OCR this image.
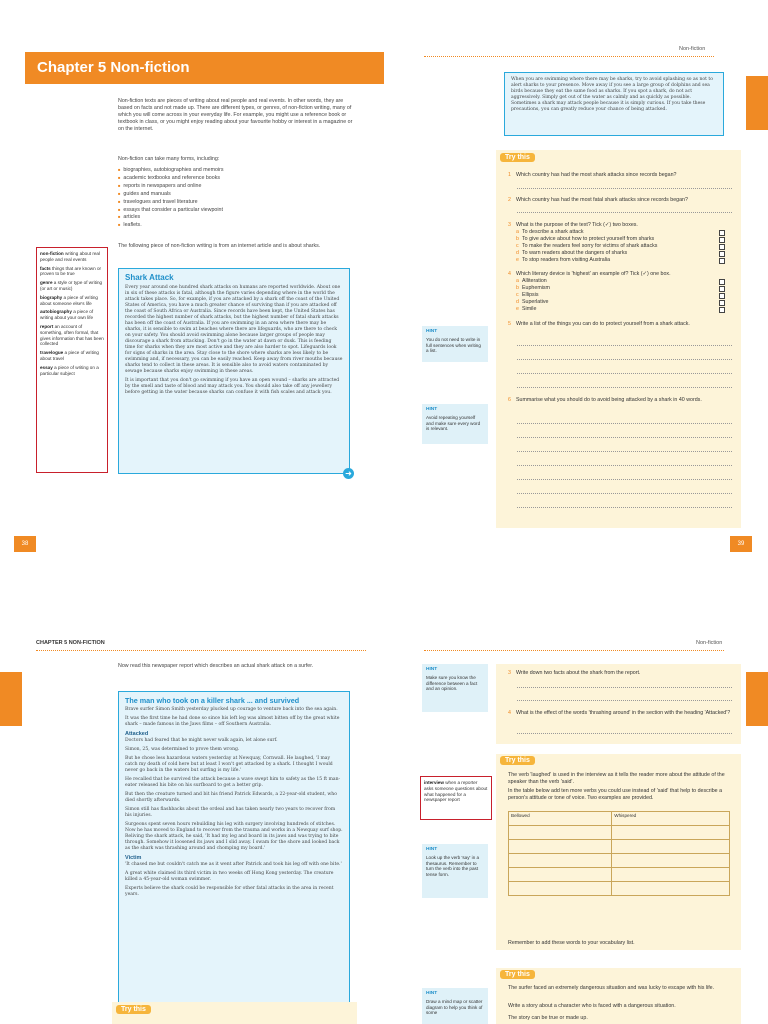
Chapter 5 Non-fiction
Non-fiction texts are pieces of writing about real people and real events. In other words, they are based on facts and not made up. There are different types, or genres, of non-fiction writing, many of which you will come across in your everyday life. For example, you might use a reference book or textbook in class, or you might enjoy reading about your favourite hobby or interest in a magazine or on the internet.
Non-fiction can take many forms, including:
■ biographies, autobiographies and memoirs
■ academic textbooks and reference books
■ reports in newspapers and online
■ guides and manuals
■ travelogues and travel literature
■ essays that consider a particular viewpoint
■ articles
■ leaflets.
The following piece of non-fiction writing is from an internet article and is about sharks.
non-fiction writing about real people and real events
facts things that are known or proven to be true
genre a style or type of writing (or art or music)
biography a piece of writing about someone else's life
autobiography a piece of writing about your own life
report an account of something, often formal, that gives information that has been collected
travelogue a piece of writing about travel
essay a piece of writing on a particular subject
Shark Attack
Every year around one hundred shark attacks on humans are reported worldwide. About one in six of these attacks is fatal, although the figure varies depending where in the world the attack takes place. So, for example, if you are attacked by a shark off the coast of the United States of America, you have a much greater chance of surviving than if you are attacked off the coast of South Africa or Australia. Since records have been kept, the United States has recorded the highest number of shark attacks, but the highest number of fatal shark attacks has been off the coast of Australia. If you are swimming in an area where there may be sharks, it is sensible to swim at beaches where there are lifeguards, who are there to check on your safety. You should avoid swimming alone because larger groups of people may discourage a shark from attacking. Don't go in the water at dawn or dusk. This is feeding time for sharks when they are most active and they are also harder to spot. Lifeguards look for signs of sharks in the area. Stay close to the shore where sharks are less likely to be swimming and, if necessary, you can be easily reached. Keep away from river mouths because sharks tend to collect in these areas. It is sensible also to avoid waters contaminated by sewage because sharks enjoy swimming in these areas.
It is important that you don't go swimming if you have an open wound – sharks are attracted by the smell and taste of blood and may attack you. You should also take off any jewellery before getting in the water because sharks can confuse it with fish scales and attack you.
➜
38
Non-fiction
When you are swimming where there may be sharks, try to avoid splashing so as not to alert sharks to your presence. Move away if you see a large group of dolphins and sea birds because they eat the same food as sharks. If you spot a shark, do not act aggressively. Simply get out of the water as calmly and as quickly as possible. Sometimes a shark may attack people because it is simply curious. If you take these precautions, you can greatly reduce your chance of being attacked.
Try this
1 Which country has had the most shark attacks since records began?
2 Which country has had the most fatal shark attacks since records began?
3 What is the purpose of the text? Tick (✓) two boxes.
a To describe a shark attack
b To give advice about how to protect yourself from sharks
c To make the readers feel sorry for victims of shark attacks
d To warn readers about the dangers of sharks
e To stop readers from visiting Australia
4 Which literary device is 'highest' an example of? Tick (✓) one box.
a Alliteration
b Euphemism
c Ellipsis
d Superlative
e Simile
5 Write a list of the things you can do to protect yourself from a shark attack.
6 Summarise what you should do to avoid being attacked by a shark in 40 words.
HINT
You do not need to write in full sentences when writing a list.
HINT
Avoid repeating yourself and make sure every word is relevant.
39
CHAPTER 5 NON-FICTION
Now read this newspaper report which describes an actual shark attack on a surfer.
The man who took on a killer shark ... and survived
Brave surfer Simon Smith yesterday plucked up courage to venture back into the sea again.
It was the first time he had done so since his left leg was almost bitten off by the great white shark – made famous in the Jaws films – off Southern Australia.
Attacked
Doctors had feared that he might never walk again, let alone surf.
Simon, 25, was determined to prove them wrong.
But he chose less hazardous waters yesterday at Newquay, Cornwall. He laughed, 'I may catch my death of cold here but at least I won't get attacked by a shark. I thought I would never go back in the waters but surfing is my life.'
He recalled that he survived the attack because a wave swept him to safety as the 15 ft man-eater released his bite on his surfboard to get a better grip.
But then the creature turned and bit his friend Patrick Edwards, a 22-year-old student, who died shortly afterwards.
Simon still has flashbacks about the ordeal and has taken nearly two years to recover from his injuries.
Surgeons spent seven hours rebuilding his leg with surgery involving hundreds of stitches. Now he has moved to England to recover from the trauma and works in a Newquay surf shop. Reliving the shark attack, he said, 'It had my leg and board in its jaws and was trying to bite through. Somehow it loosened its jaws and I slid away. I swam for the shore and looked back as the shark was thrashing around and chomping my board.'
Victim
'It chased me but couldn't catch me as it went after Patrick and took his leg off with one bite.'
A great white claimed its third victim in two weeks off Hong Kong yesterday. The creature killed a 45-year-old woman swimmer.
Experts believe the shark could be responsible for other fatal attacks in the area in recent years.
Try this
Non-fiction
3 Write down two facts about the shark from the report.
4 What is the effect of the words 'thrashing around' in the section with the heading 'Attacked'?
HINT
Make sure you know the difference between a fact and an opinion.
Try this
The verb 'laughed' is used in the interview as it tells the reader more about the attitude of the speaker than the verb 'said'.
In the table below add ten more verbs you could use instead of 'said' that help to describe a person's attitude or tone of voice. Two examples are provided.
Bellowed	Whispered

Remember to add these words to your vocabulary list.
interview when a reporter asks someone questions about what happened for a newspaper report
HINT
Look up the verb 'say' in a thesaurus. Remember to turn the verb into the past tense form.
Try this
The surfer faced an extremely dangerous situation and was lucky to escape with his life.
Write a story about a character who is faced with a dangerous situation.
The story can be true or made up.
HINT
Draw a mind map or scatter diagram to help you think of some
